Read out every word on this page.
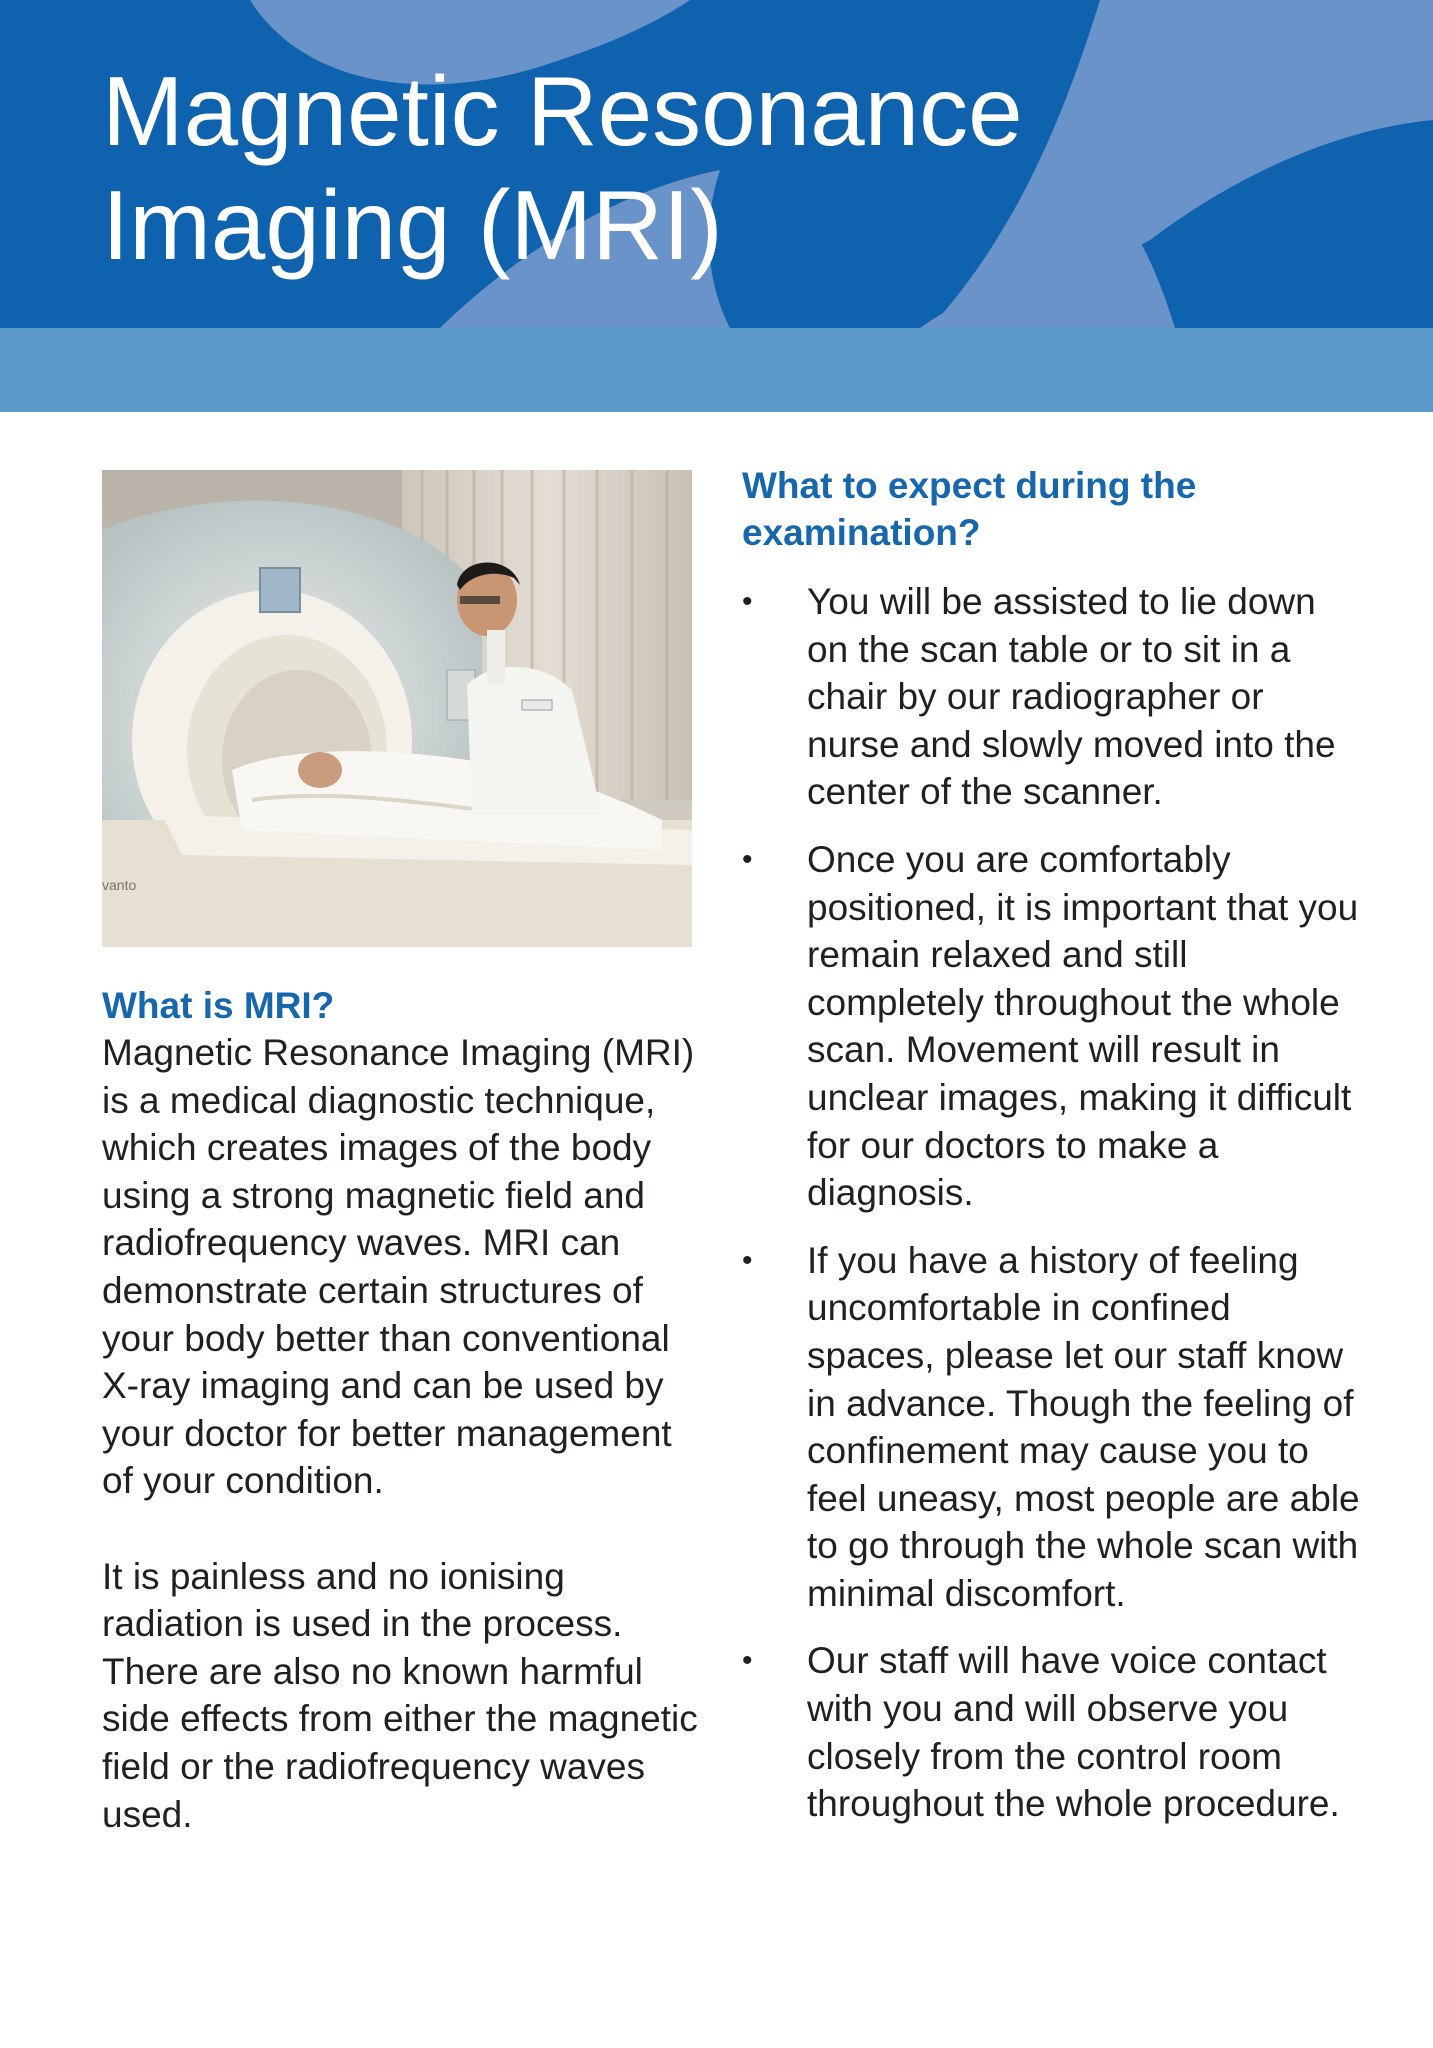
Magnetic Resonance
Imaging (MRI)
vanto
What is MRI?

Magnetic Resonance Imaging (MRI) is a medical diagnostic technique, which creates images of the body using a strong magnetic field and radiofrequency waves. MRI can demonstrate certain structures of your body better than conventional X-ray imaging and can be used by your doctor for better management of your condition.

It is painless and no ionising radiation is used in the process. There are also no known harmful side effects from either the magnetic field or the radiofrequency waves used.

What to expect during the examination?
• You will be assisted to lie down on the scan table or to sit in a chair by our radiographer or nurse and slowly moved into the center of the scanner.
• Once you are comfortably positioned, it is important that you remain relaxed and still completely throughout the whole scan. Movement will result in unclear images, making it difficult for our doctors to make a diagnosis.
• If you have a history of feeling uncomfortable in confined spaces, please let our staff know in advance. Though the feeling of confinement may cause you to feel uneasy, most people are able to go through the whole scan with minimal discomfort.
• Our staff will have voice contact with you and will observe you closely from the control room throughout the whole procedure.
